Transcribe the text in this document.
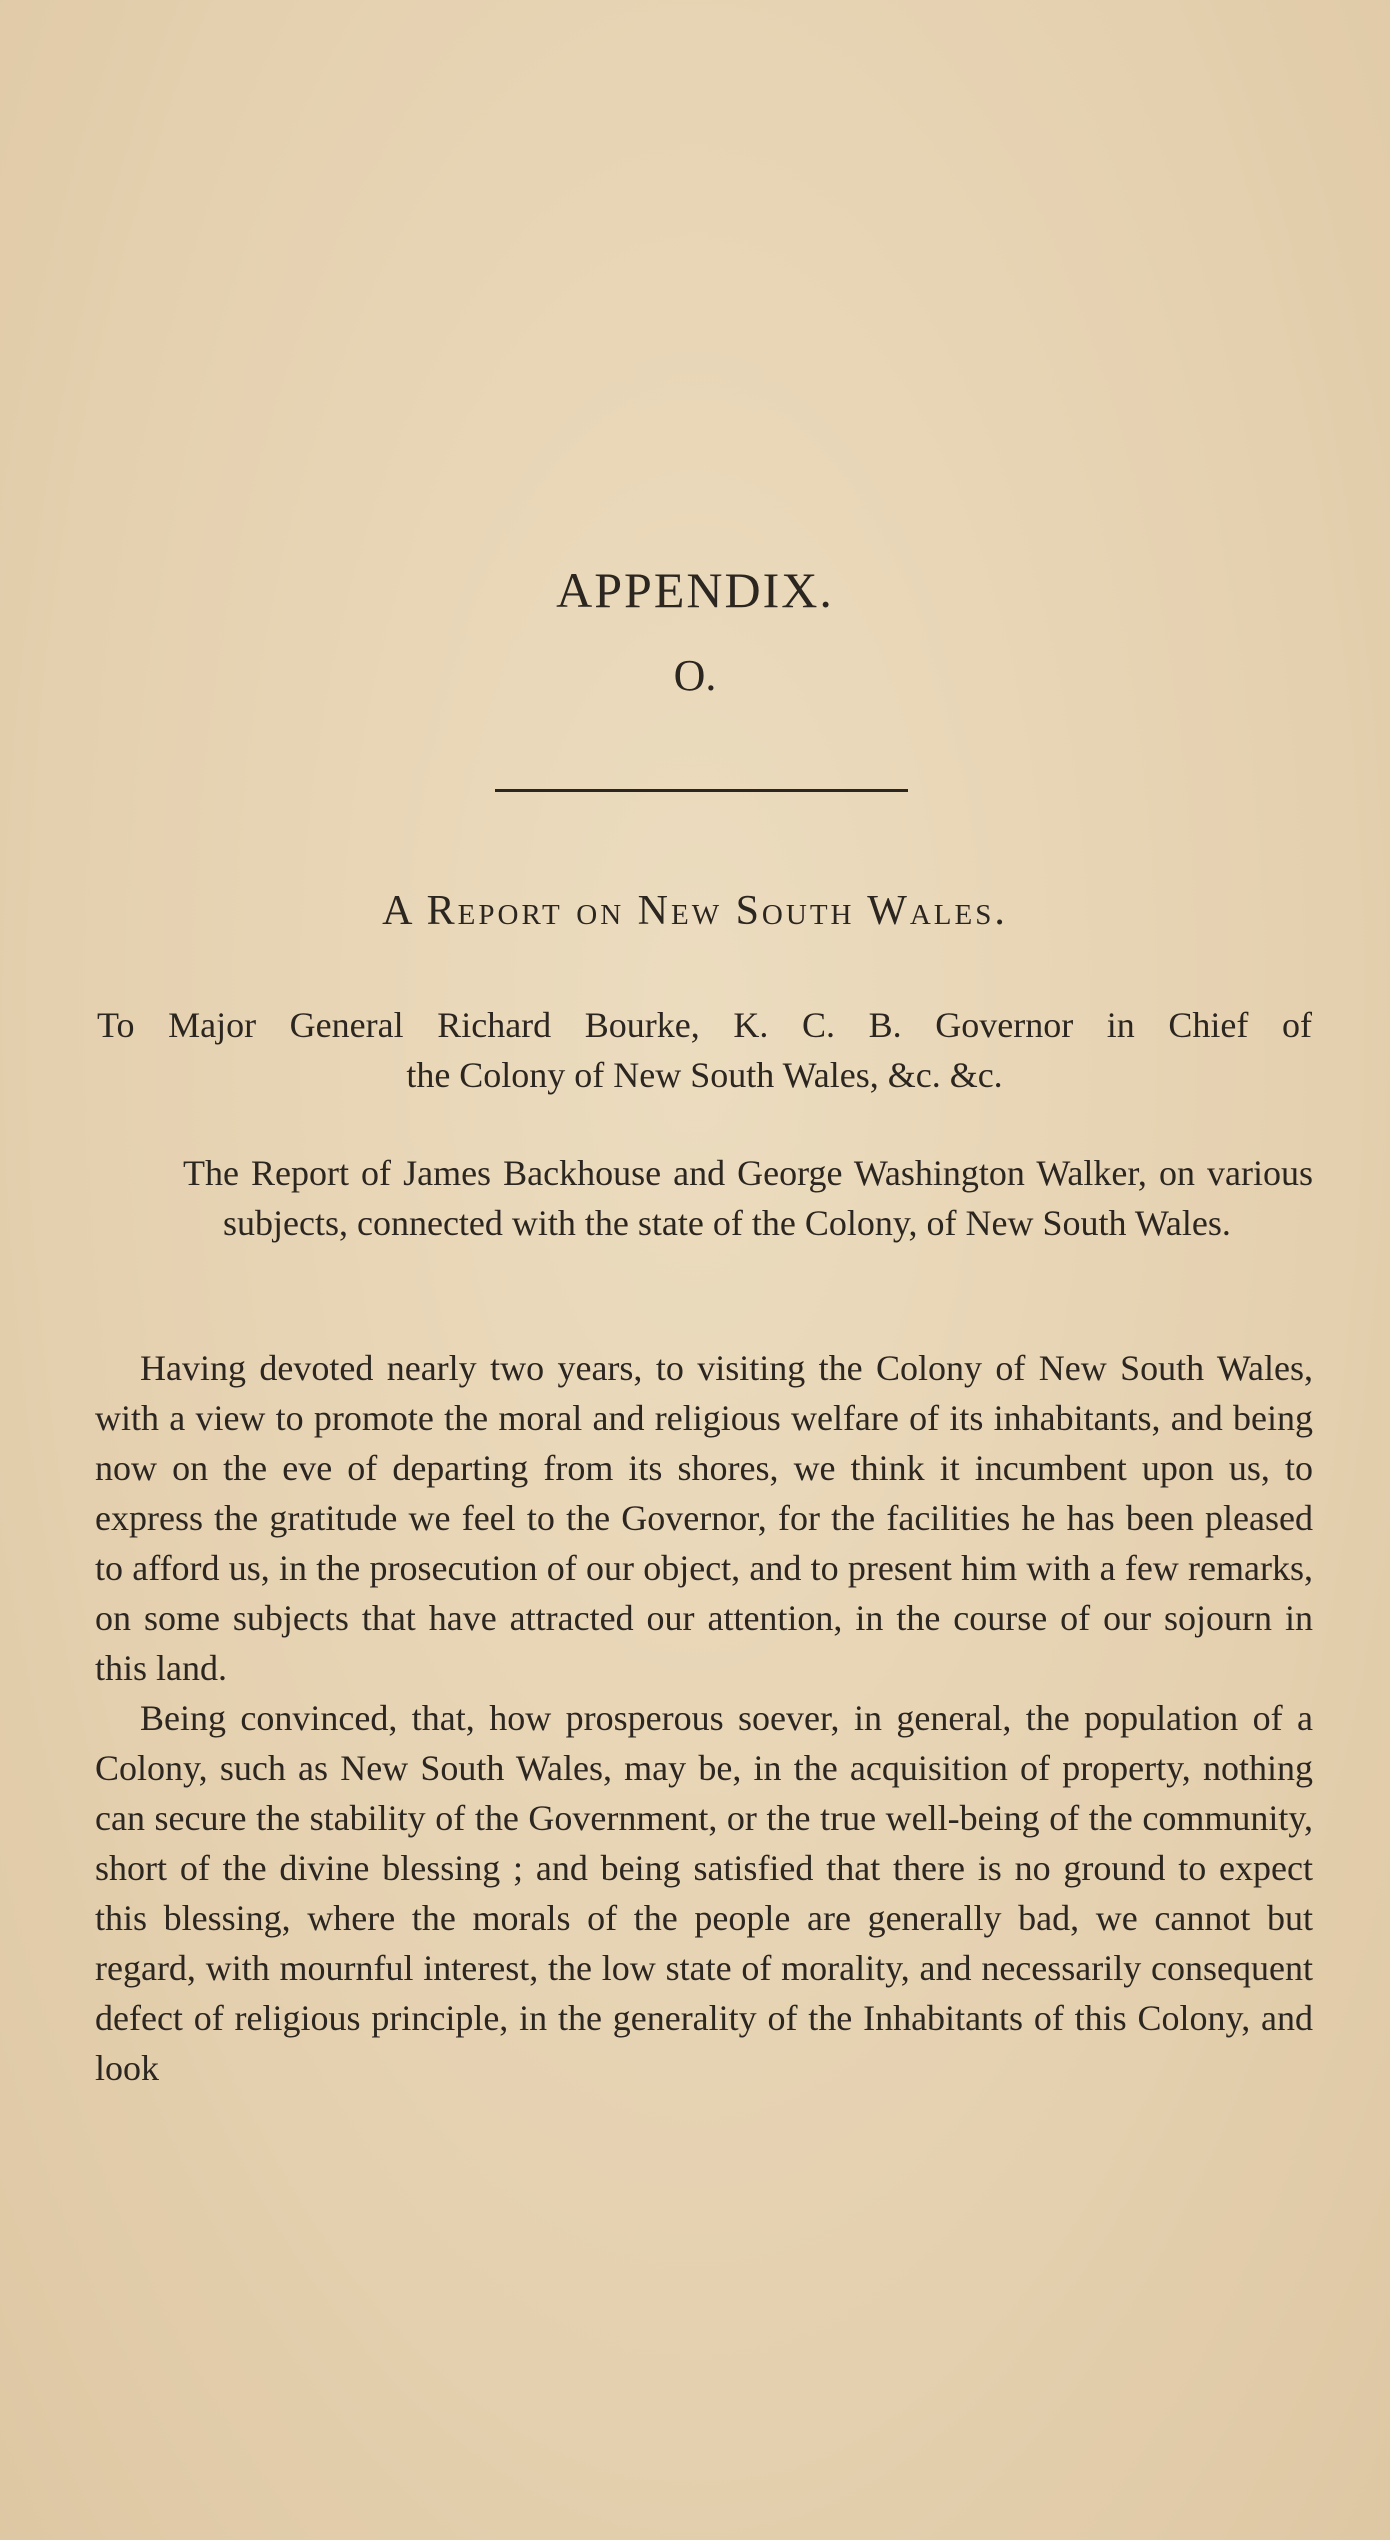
APPENDIX.
O.
A Report on New South Wales.
To Major General Richard Bourke, K. C. B. Governor in Chief of
the Colony of New South Wales, &c. &c.

The Report of James Backhouse and George Washington Walker, on various subjects, connected with the state of the Colony, of New South Wales.

Having devoted nearly two years, to visiting the Colony of New South Wales, with a view to promote the moral and religious welfare of its inhabitants, and being now on the eve of departing from its shores, we think it incumbent upon us, to express the gratitude we feel to the Governor, for the facilities he has been pleased to afford us, in the prosecution of our object, and to present him with a few remarks, on some subjects that have attracted our attention, in the course of our sojourn in this land.

Being convinced, that, how prosperous soever, in general, the population of a Colony, such as New South Wales, may be, in the acquisition of property, nothing can secure the stability of the Government, or the true well-being of the community, short of the divine blessing ; and being satisfied that there is no ground to expect this blessing, where the morals of the people are generally bad, we cannot but regard, with mournful interest, the low state of morality, and necessarily consequent defect of religious principle, in the generality of the Inhabitants of this Colony, and look
